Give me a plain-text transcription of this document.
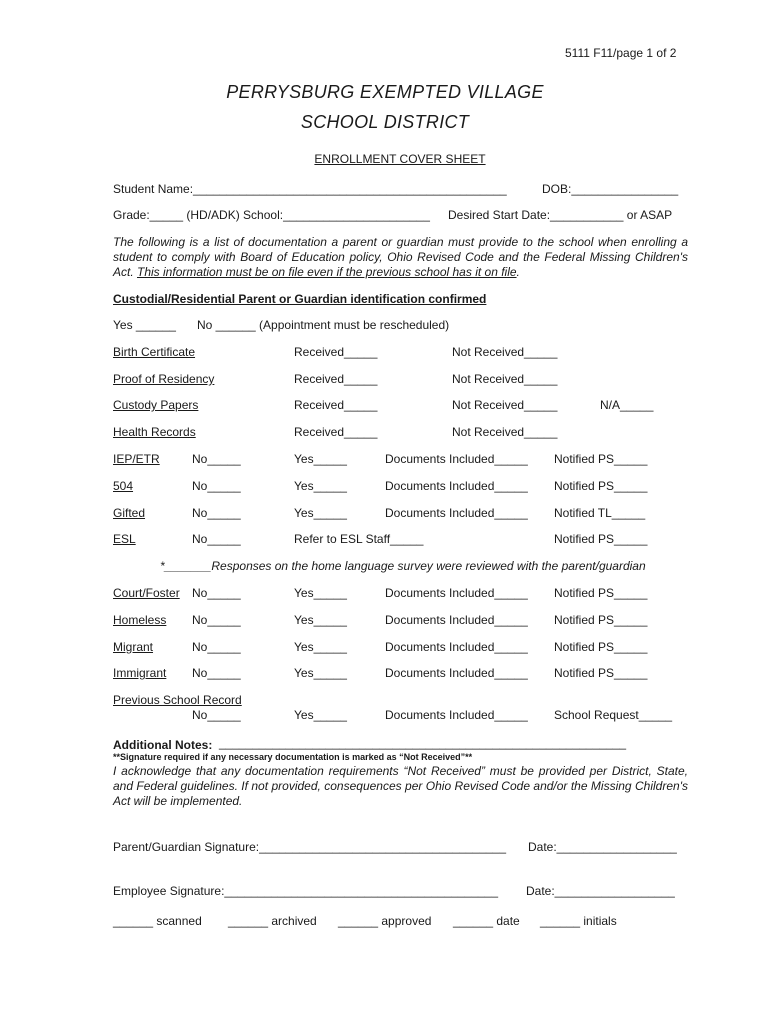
5111 F11/page 1 of 2
PERRYSBURG EXEMPTED VILLAGE
SCHOOL DISTRICT
ENROLLMENT COVER SHEET
Student Name:_______________________________________________	DOB:________________
Grade:_____ (HD/ADK) School:______________________ Desired Start Date:___________ or ASAP
The following is a list of documentation a parent or guardian must provide to the school when enrolling a student to comply with Board of Education policy, Ohio Revised Code and the Federal Missing Children's Act. This information must be on file even if the previous school has it on file.
Custodial/Residential Parent or Guardian identification confirmed
Yes ______ No ______ (Appointment must be rescheduled)
Birth Certificate	Received_____	Not Received_____
Proof of Residency	Received_____	Not Received_____
Custody Papers	Received_____	Not Received_____	N/A_____
Health Records	Received_____	Not Received_____
IEP/ETR	No_____	Yes_____	Documents Included_____ Notified PS_____
504	No_____	Yes_____	Documents Included_____ Notified PS_____
Gifted	No_____	Yes_____	Documents Included_____ Notified TL_____
ESL	No_____	Refer to ESL Staff_____	Notified PS_____
*_______Responses on the home language survey were reviewed with the parent/guardian
Court/Foster No_____	Yes_____	Documents Included_____ Notified PS_____
Homeless No_____	Yes_____	Documents Included_____ Notified PS_____
Migrant	No_____	Yes_____	Documents Included_____ Notified PS_____
Immigrant No_____	Yes_____	Documents Included_____ Notified PS_____
Previous School Record
No_____	Yes_____	Documents Included_____ School Request_____
Additional Notes: _____________________________________________________________
**Signature required if any necessary documentation is marked as “Not Received”**
I acknowledge that any documentation requirements “Not Received” must be provided per District, State, and Federal guidelines. If not provided, consequences per Ohio Revised Code and/or the Missing Children's Act will be implemented.
Parent/Guardian Signature:_____________________________________ Date:__________________
Employee Signature:_________________________________________ Date:__________________
______ scanned ______ archived ______ approved ______ date ______ initials
